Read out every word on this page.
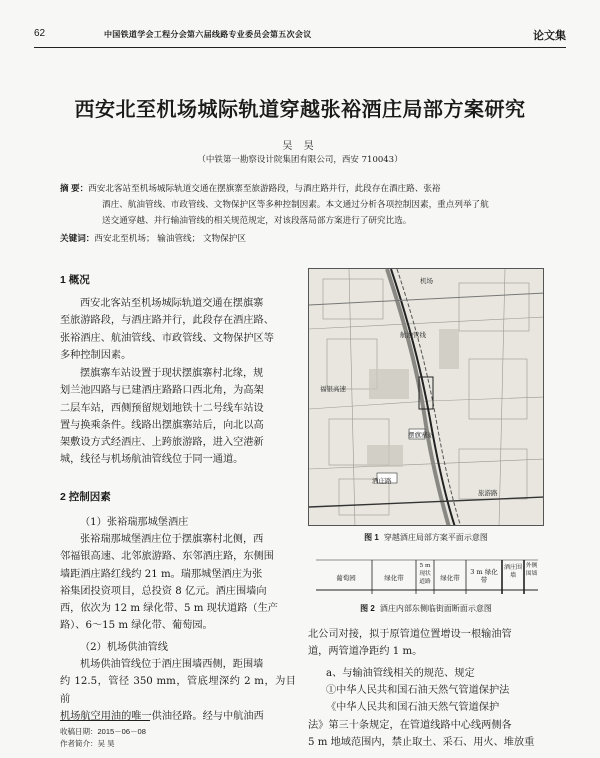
62	中国铁道学会工程分会第六届线路专业委员会第五次会议	论文集
西安北至机场城际轨道穿越张裕酒庄局部方案研究
吴 昊
（中铁第一勘察设计院集团有限公司，西安 710043）
摘 要：西安北客站至机场城际轨道交通在摆旗寨至旅游路段，与酒庄路并行，此段存在酒庄路、张裕
酒庄、航油管线、市政管线、文物保护区等多种控制因素。本文通过分析各项控制因素，重点列举了航
送交通穿越、并行输油管线的相关规范规定，对该段落局部方案进行了研究比选。
关键词：西安北至机场； 输油管线； 文物保护区
1 概况
西安北客站至机场城际轨道交通在摆旗寨
至旅游路段，与酒庄路并行，此段存在酒庄路、
张裕酒庄、航油管线、市政管线、文物保护区等
多种控制因素。
摆旗寨车站设置于现状摆旗寨村北缘，规
划兰池四路与已建酒庄路路口西北角，为高架
二层车站，西侧预留规划地铁十二号线车站设
置与换乘条件。线路出摆旗寨站后，向北以高
架敷设方式经酒庄、上跨旅游路，进入空港新
城，线径与机场航油管线位于同一通道。
2 控制因素
（1）张裕瑞那城堡酒庄
张裕瑞那城堡酒庄位于摆旗寨村北侧，西
邻福银高速、北邻旅游路、东邻酒庄路，东侧围
墙距酒庄路红线约 21 m。瑞那城堡酒庄为张
裕集团投资项目，总投资 8 亿元。酒庄围墙向
西，依次为 12 m 绿化带、5 m 现状道路（生产
路）、6～15 m 绿化带、葡萄园。
（2）机场供油管线
机场供油管线位于酒庄围墙西侧，距围墙
约 12.5，管径 350 mm，管底埋深约 2 m，为目前
机场航空用油的唯一供油径路。经与中航油西
图 1 穿越酒庄局部方案平面示意图
葡萄园	绿化带
5 m 现状道路	绿化带
3 m 绿化带
酒庄围墙
外侧围墙
图 2 酒庄内部东侧临街面断面示意图
北公司对接，拟于原管道位置增设一根输油管
道，两管道净距约 1 m。
a、与输油管线相关的规范、规定
①中华人民共和国石油天然气管道保护法
《中华人民共和国石油天然气管道保护
法》第三十条规定，在管道线路中心线两侧各
5 m 地域范围内，禁止取土、采石、用火、堆放重
机场
航油管线
摆旗寨站
酒庄路
旅游路
福银高速
收稿日期：2015－06－08
作者简介：吴 昊
